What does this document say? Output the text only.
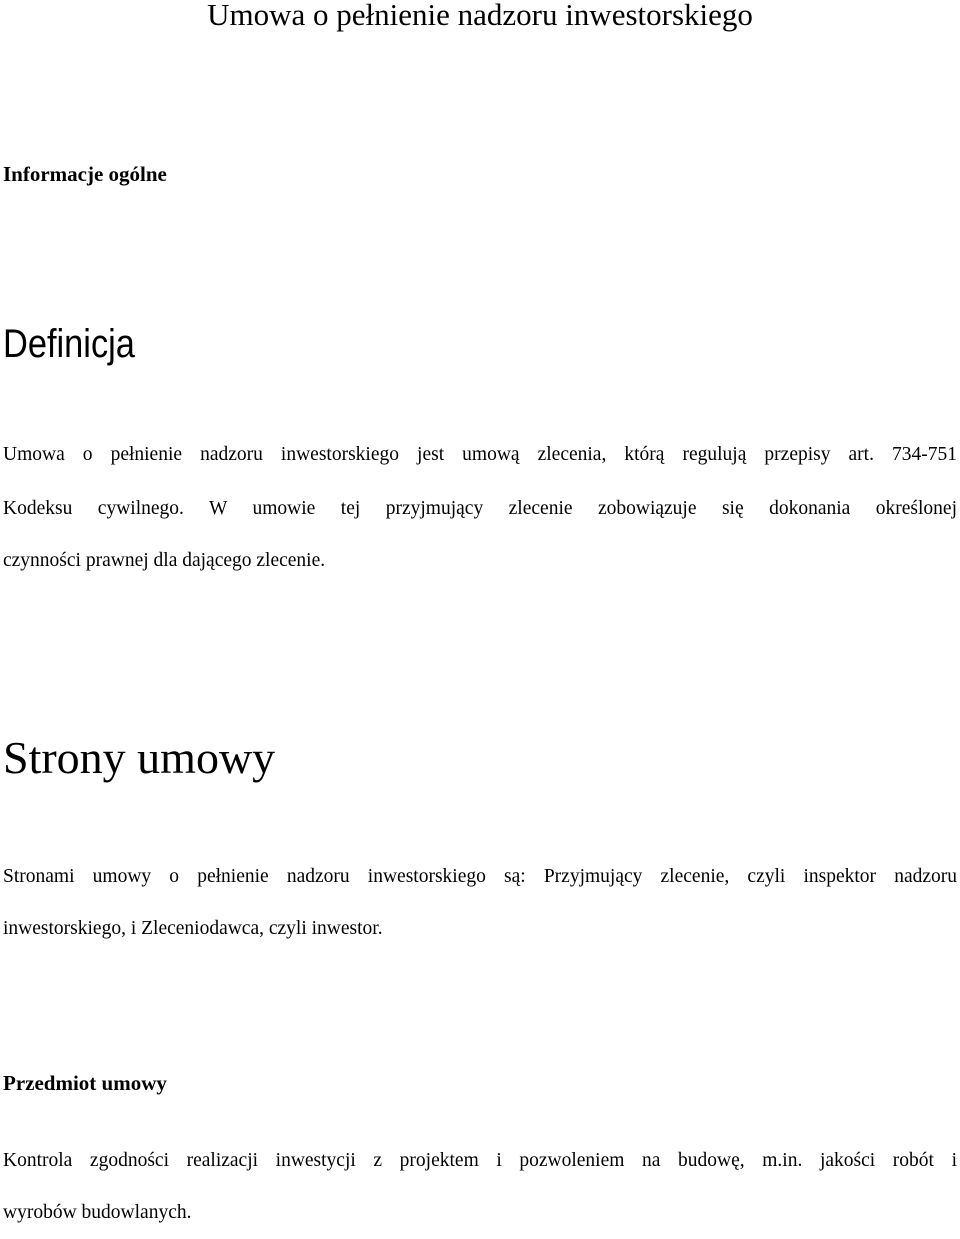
Umowa o pełnienie nadzoru inwestorskiego
Informacje ogólne
Definicja

Umowa o pełnienie nadzoru inwestorskiego jest umową zlecenia, którą regulują przepisy art. 734-751
Kodeksu cywilnego. W umowie tej przyjmujący zlecenie zobowiązuje się dokonania określonej
czynności prawnej dla dającego zlecenie.

Strony umowy

Stronami umowy o pełnienie nadzoru inwestorskiego są: Przyjmujący zlecenie, czyli inspektor nadzoru
inwestorskiego, i Zleceniodawca, czyli inwestor.

Przedmiot umowy

Kontrola zgodności realizacji inwestycji z projektem i pozwoleniem na budowę, m.in. jakości robót i
wyrobów budowlanych.
